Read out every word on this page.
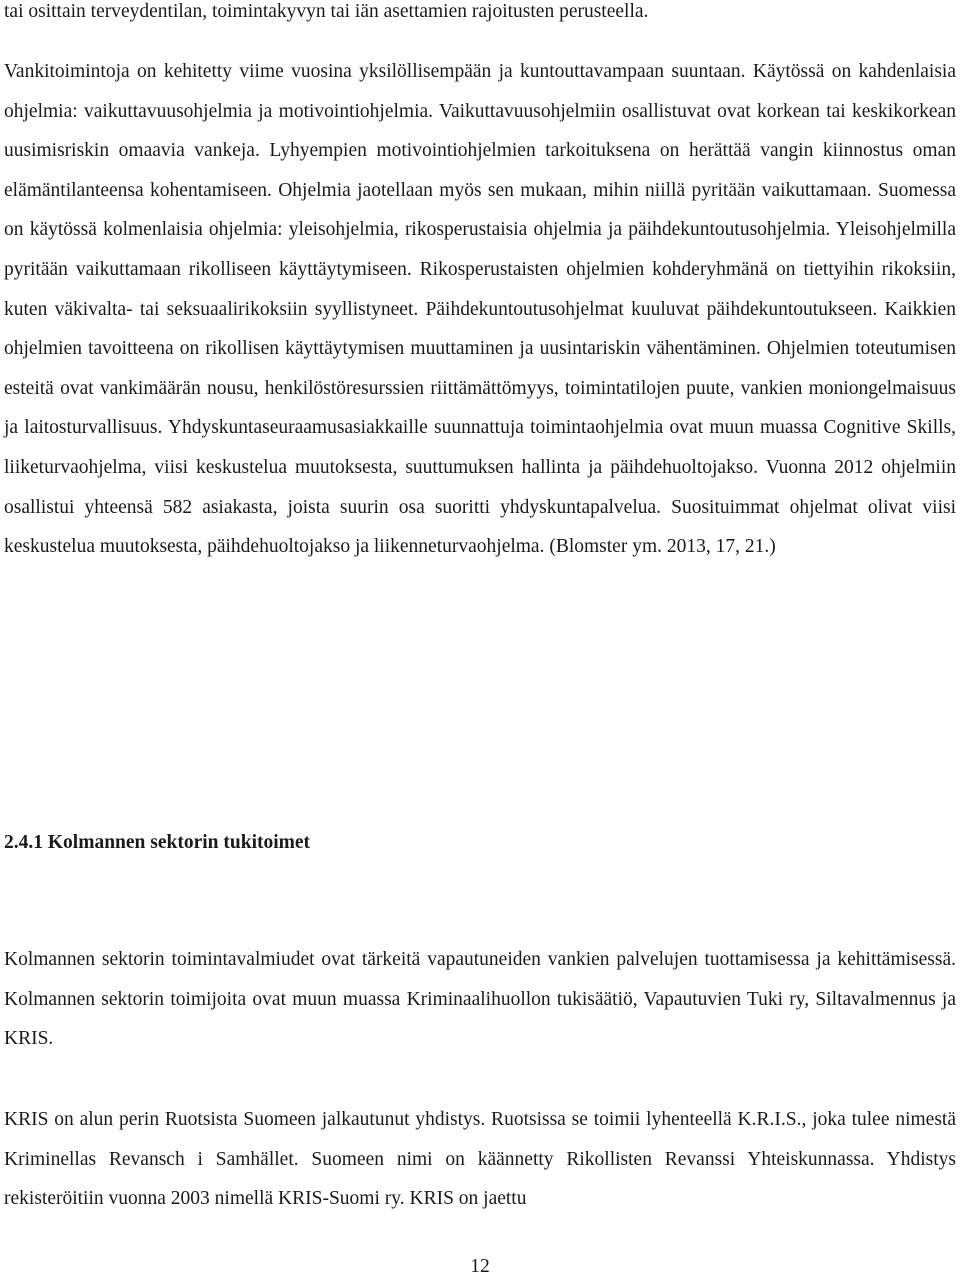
tai osittain terveydentilan, toimintakyvyn tai iän asettamien rajoitusten perusteella.

Vankitoimintoja on kehitetty viime vuosina yksilöllisempään ja kuntouttavampaan suuntaan. Käytössä on kahdenlaisia ohjelmia: vaikuttavuusohjelmia ja motivointiohjelmia. Vaikuttavuusohjelmiin osallistuvat ovat korkean tai keskikorkean uusimisriskin omaavia vankeja. Lyhyempien motivointiohjelmien tarkoituksena on herättää vangin kiinnostus oman elämäntilanteensa kohentamiseen. Ohjelmia jaotellaan myös sen mukaan, mihin niillä pyritään vaikuttamaan. Suomessa on käytössä kolmenlaisia ohjelmia: yleisohjelmia, rikosperustaisia ohjelmia ja päihdekuntoutusohjelmia. Yleisohjelmilla pyritään vaikuttamaan rikolliseen käyttäytymiseen. Rikosperustaisten ohjelmien kohderyhmänä on tiettyihin rikoksiin, kuten väkivalta- tai seksuaalirikoksiin syyllistyneet. Päihdekuntoutusohjelmat kuuluvat päihdekuntoutukseen. Kaikkien ohjelmien tavoitteena on rikollisen käyttäytymisen muuttaminen ja uusintariskin vähentäminen. Ohjelmien toteutumisen esteitä ovat vankimäärän nousu, henkilöstöresurssien riittämättömyys, toimintatilojen puute, vankien moniongelmaisuus ja laitosturvallisuus. Yhdyskuntaseuraamusasiakkaille suunnattuja toimintaohjelmia ovat muun muassa Cognitive Skills, liiketurvaohjelma, viisi keskustelua muutoksesta, suuttumuksen hallinta ja päihdehuoltojakso. Vuonna 2012 ohjelmiin osallistui yhteensä 582 asiakasta, joista suurin osa suoritti yhdyskuntapalvelua. Suosituimmat ohjelmat olivat viisi keskustelua muutoksesta, päihdehuoltojakso ja liikenneturvaohjelma. (Blomster ym. 2013, 17, 21.)

2.4.1 Kolmannen sektorin tukitoimet

Kolmannen sektorin toimintavalmiudet ovat tärkeitä vapautuneiden vankien palvelujen tuottamisessa ja kehittämisessä. Kolmannen sektorin toimijoita ovat muun muassa Kriminaalihuollon tukisäätiö, Vapautuvien Tuki ry, Siltavalmennus ja KRIS.

KRIS on alun perin Ruotsista Suomeen jalkautunut yhdistys. Ruotsissa se toimii lyhenteellä K.R.I.S., joka tulee nimestä Kriminellas Revansch i Samhället. Suomeen nimi on käännetty Rikollisten Revanssi Yhteiskunnassa. Yhdistys rekisteröitiin vuonna 2003 nimellä KRIS-Suomi ry. KRIS on jaettu

12
